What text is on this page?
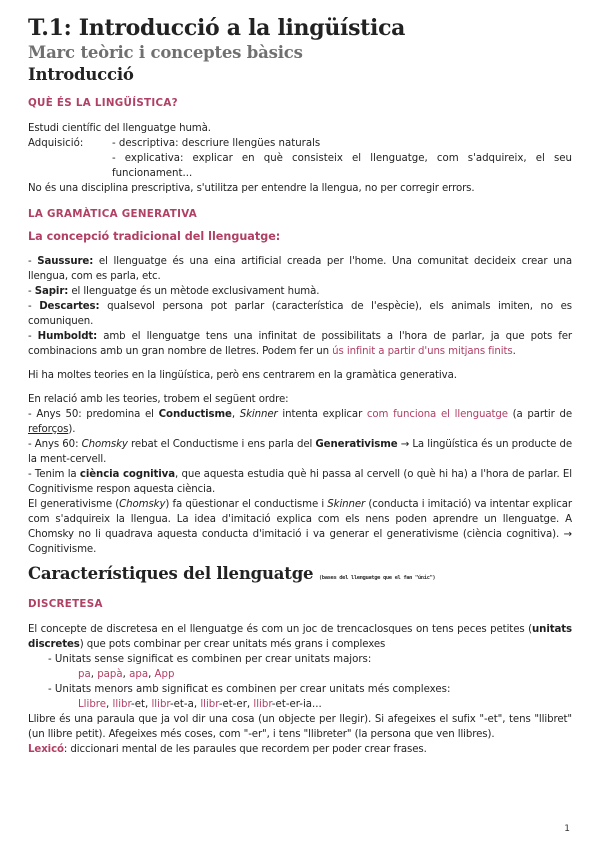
T.1: Introducció a la lingüística
Marc teòric i conceptes bàsics
Introducció
QUÈ ÉS LA LINGÜÍSTICA?

Estudi científic del llenguatge humà.

Adquisició:	- descriptiva: descriure llengües naturals
- explicativa: explicar en què consisteix el llenguatge, com s'adquireix, el seu funcionament...

No és una disciplina prescriptiva, s'utilitza per entendre la llengua, no per corregir errors.

LA GRAMÀTICA GENERATIVA
La concepció tradicional del llenguatge:

- Saussure: el llenguatge és una eina artificial creada per l'home. Una comunitat decideix crear una llengua, com es parla, etc.

- Sapir: el llenguatge és un mètode exclusivament humà.

- Descartes: qualsevol persona pot parlar (característica de l'espècie), els animals imiten, no es comuniquen.

- Humboldt: amb el llenguatge tens una infinitat de possibilitats a l'hora de parlar, ja que pots fer combinacions amb un gran nombre de lletres. Podem fer un ús infinit a partir d'uns mitjans finits.

Hi ha moltes teories en la lingüística, però ens centrarem en la gramàtica generativa.

En relació amb les teories, trobem el següent ordre:

- Anys 50: predomina el Conductisme, Skinner intenta explicar com funciona el llenguatge (a partir de reforços).

- Anys 60: Chomsky rebat el Conductisme i ens parla del Generativisme → La lingüística és un producte de la ment-cervell.

- Tenim la ciència cognitiva, que aquesta estudia què hi passa al cervell (o què hi ha) a l'hora de parlar. El Cognitivisme respon aquesta ciència.

El generativisme (Chomsky) fa qüestionar el conductisme i Skinner (conducta i imitació) va intentar explicar com s'adquireix la llengua. La idea d'imitació explica com els nens poden aprendre un llenguatge. A Chomsky no li quadrava aquesta conducta d'imitació i va generar el generativisme (ciència cognitiva). → Cognitivisme.

Característiques del llenguatge (bases del llenguatge que el fan "únic")
DISCRETESA

El concepte de discretesa en el llenguatge és com un joc de trencaclosques on tens peces petites (unitats discretes) que pots combinar per crear unitats més grans i complexes

- Unitats sense significat es combinen per crear unitats majors:
pa, papà, apa, App
- Unitats menors amb significat es combinen per crear unitats més complexes:
Llibre, llibr-et, llibr-et-a, llibr-et-er, llibr-et-er-ia...

Llibre és una paraula que ja vol dir una cosa (un objecte per llegir). Si afegeixes el sufix "-et", tens "llibret" (un llibre petit). Afegeixes més coses, com "-er", i tens "llibreter" (la persona que ven llibres).

Lexicó: diccionari mental de les paraules que recordem per poder crear frases.

1
